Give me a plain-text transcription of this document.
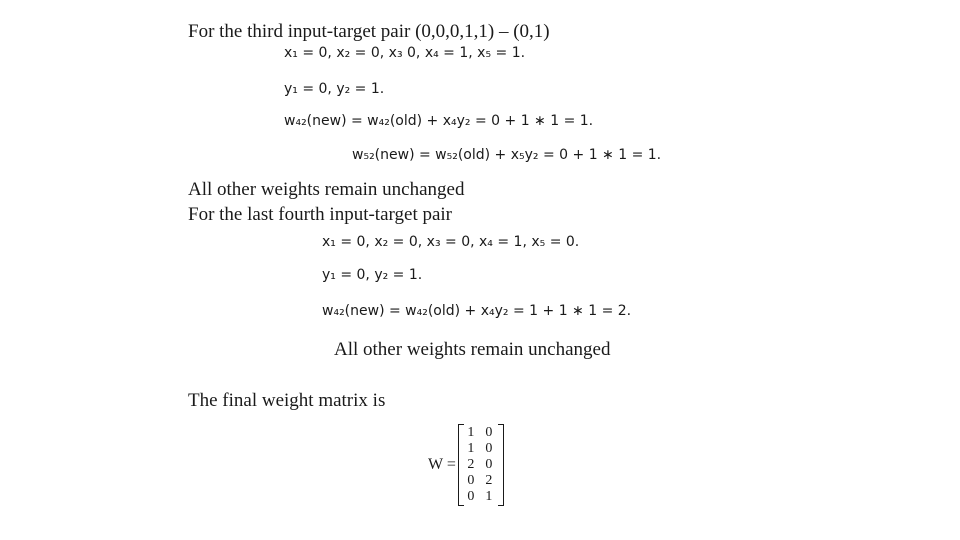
For the third input-target pair (0,0,0,1,1) – (0,1)
x₁ = 0, x₂ = 0, x₃ 0, x₄ = 1, x₅ = 1.
y₁ = 0, y₂ = 1.
w₄₂(new) = w₄₂(old) + x₄y₂ = 0 + 1 ∗ 1 = 1.
w₅₂(new) = w₅₂(old) + x₅y₂ = 0 + 1 ∗ 1 = 1.
All other weights remain unchanged
For the last fourth input-target pair
x₁ = 0, x₂ = 0, x₃ = 0, x₄ = 1, x₅ = 0.
y₁ = 0, y₂ = 1.
w₄₂(new) = w₄₂(old) + x₄y₂ = 1 + 1 ∗ 1 = 2.
All other weights remain unchanged
The final weight matrix is
W =
1 0
1 0
2 0
0 2
0 1
